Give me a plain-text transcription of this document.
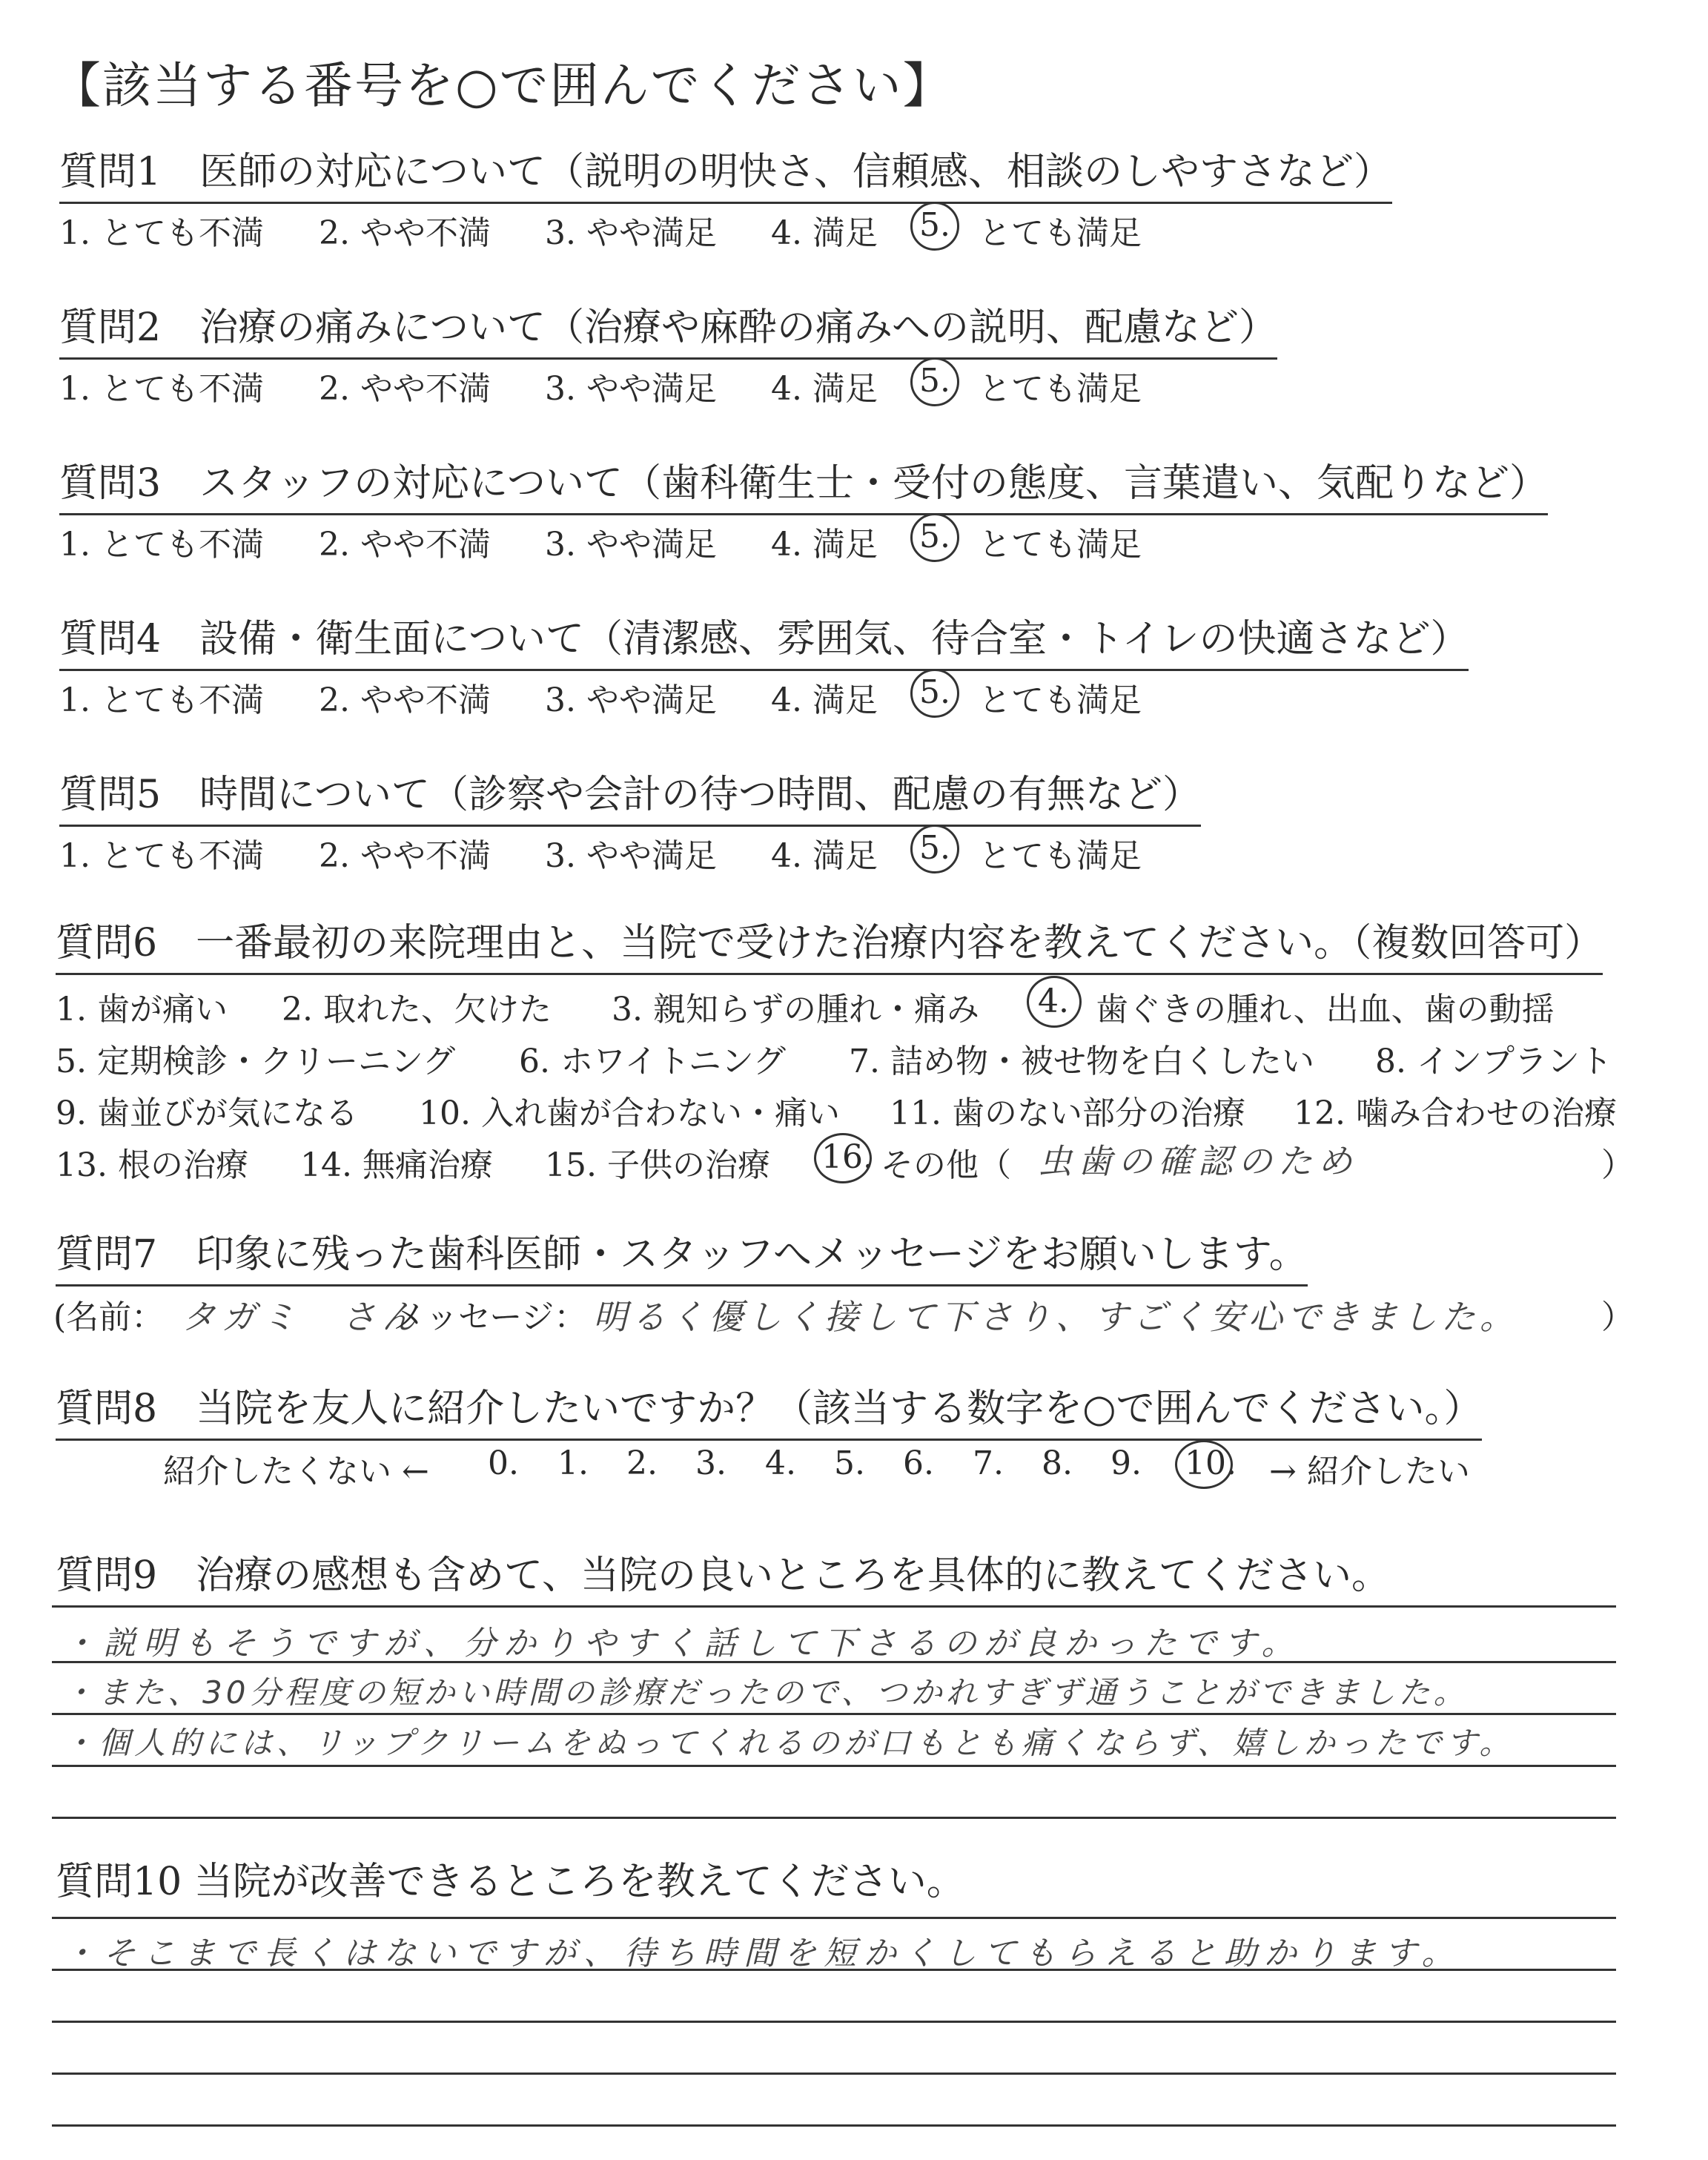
【該当する番号を○で囲んでください】
質問1　医師の対応について（説明の明快さ、信頼感、相談のしやすさなど）
1. とても不満 2. やや不満 3. やや満足 4. 満足 5. とても満足
質問2　治療の痛みについて（治療や麻酔の痛みへの説明、配慮など）
1. とても不満 2. やや不満 3. やや満足 4. 満足 5. とても満足
質問3　スタッフの対応について（歯科衛生士・受付の態度、言葉遣い、気配りなど）
1. とても不満 2. やや不満 3. やや満足 4. 満足 5. とても満足
質問4　設備・衛生面について（清潔感、雰囲気、待合室・トイレの快適さなど）
1. とても不満 2. やや不満 3. やや満足 4. 満足 5. とても満足
質問5　時間について（診察や会計の待つ時間、配慮の有無など）
1. とても不満 2. やや不満 3. やや満足 4. 満足 5. とても満足
質問6　一番最初の来院理由と、当院で受けた治療内容を教えてください。（複数回答可）
1. 歯が痛い 2. 取れた、欠けた 3. 親知らずの腫れ・痛み 4. 歯ぐきの腫れ、出血、歯の動揺
5. 定期検診・クリーニング 6. ホワイトニング 7. 詰め物・被せ物を白くしたい 8. インプラント
9. 歯並びが気になる 10. 入れ歯が合わない・痛い 11. 歯のない部分の治療 12. 噛み合わせの治療
13. 根の治療 14. 無痛治療 15. 子供の治療 16. その他（ 虫歯の確認のため	）
質問7　印象に残った歯科医師・スタッフへメッセージをお願いします。
(名前： タガミ　さん
メッセージ： 明るく優しく接して下さり、すごく安心できました。	）
質問8　当院を友人に紹介したいですか？（該当する数字を○で囲んでください。）
紹介したくない ← 0. 1. 2. 3. 4. 5. 6. 7. 8. 9. 10. → 紹介したい
質問9　治療の感想も含めて、当院の良いところを具体的に教えてください。
・説明もそうですが、分かりやすく話して下さるのが良かったです。
・また、30分程度の短かい時間の診療だったので、つかれすぎず通うことができました。
・個人的には、リップクリームをぬってくれるのが口もとも痛くならず、嬉しかったです。
質問10 当院が改善できるところを教えてください。
・そこまで長くはないですが、待ち時間を短かくしてもらえると助かります。
